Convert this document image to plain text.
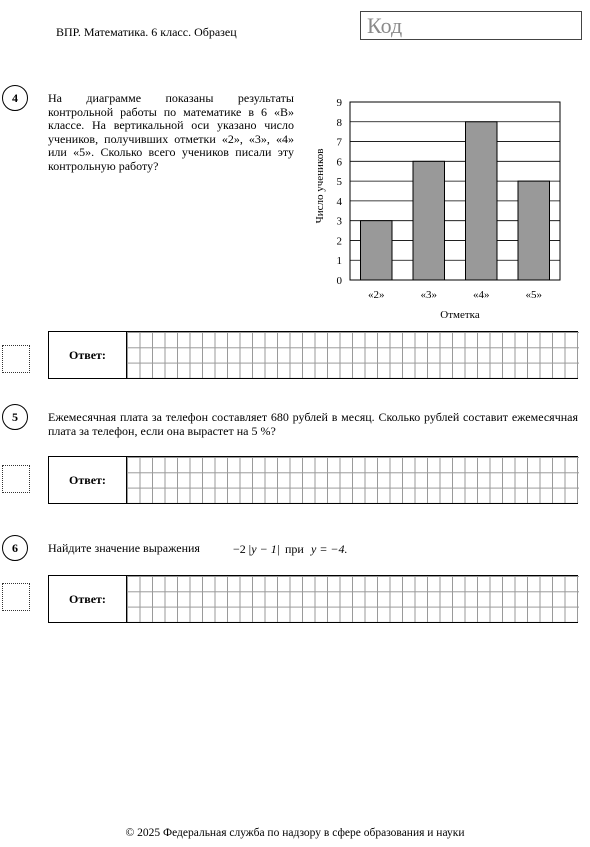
ВПР. Математика. 6 класс. Образец	Код
4	На диаграмме показаны результаты контрольной работы по математике в 6 «В» классе. На вертикальной оси указано число учеников, получивших отметки «2», «3», «4» или «5». Сколько всего учеников писали эту контрольную работу?
0
1
2
3
4
5
6
7
8
9
«2»	«3»	«4»	«5»
Отметка
Число учеников
Ответ:
5	Ежемесячная плата за телефон составляет 680 рублей в месяц. Сколько рублей составит ежемесячная плата за телефон, если она вырастет на 5 %?
Ответ:
6	Найдите значение выражения	−2 |y − 1| при y = −4.
Ответ:
© 2025 Федеральная служба по надзору в сфере образования и науки
